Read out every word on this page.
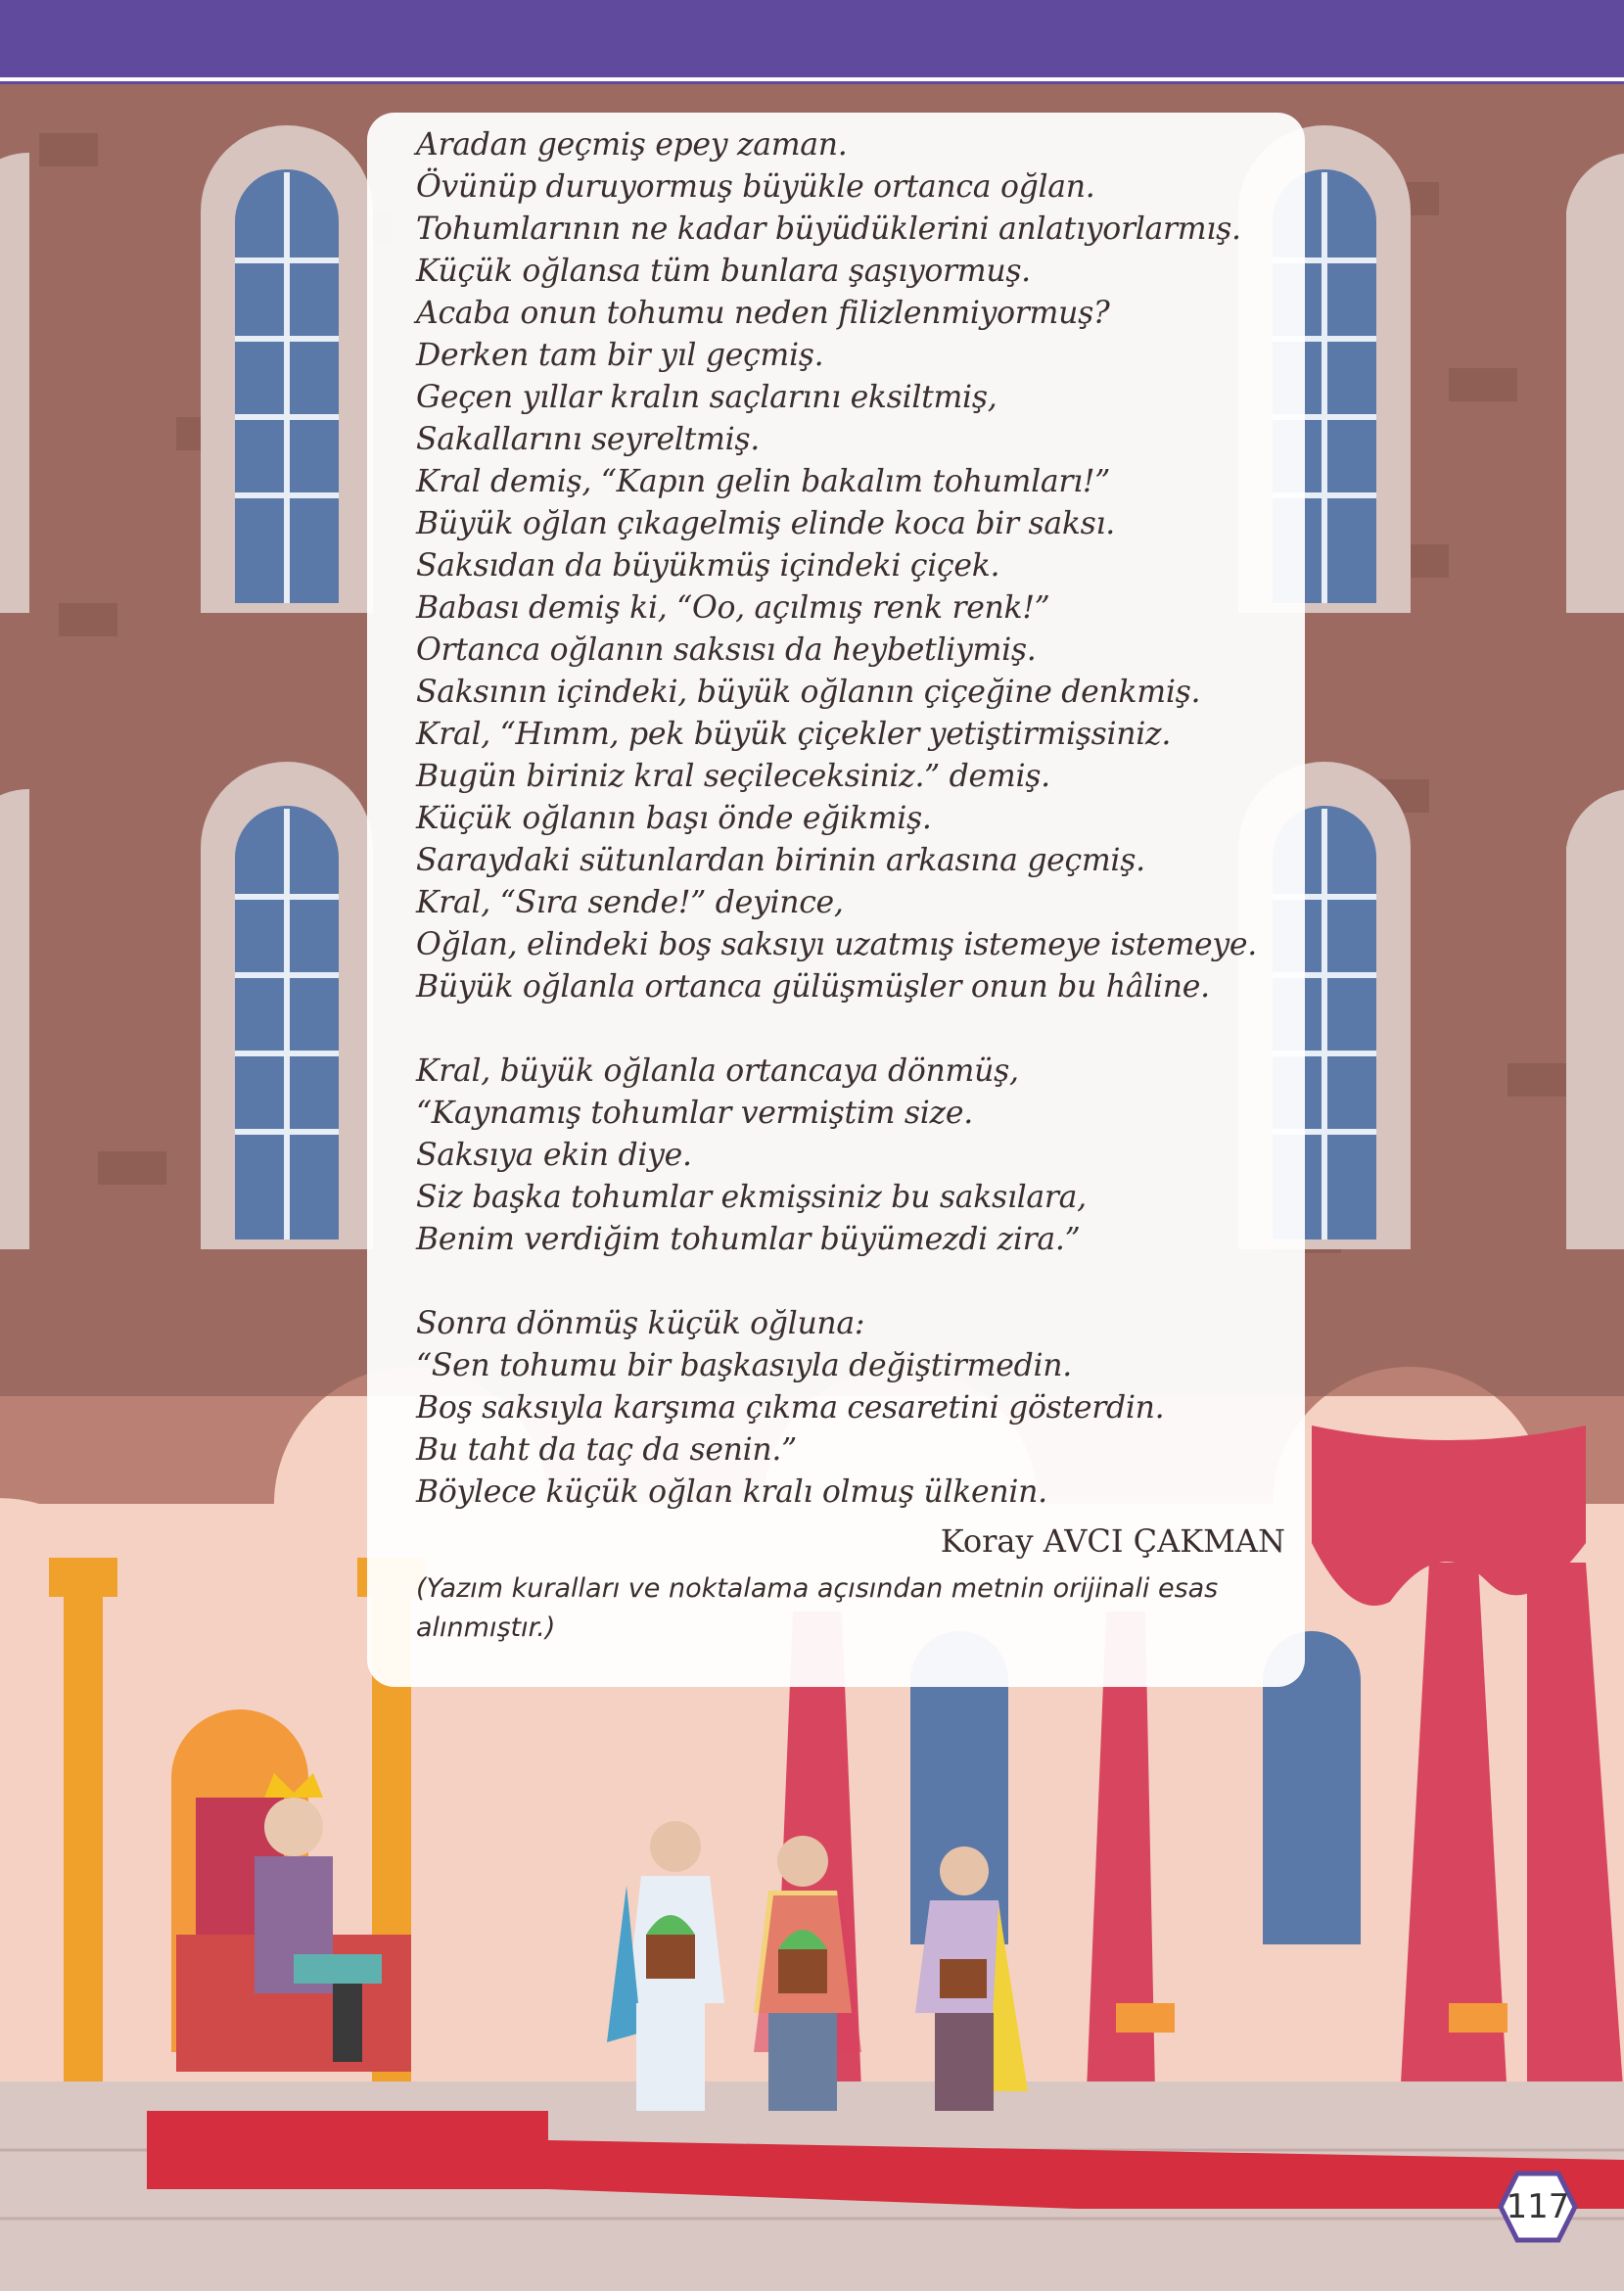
Aradan geçmiş epey zaman.
Övünüp duruyormuş büyükle ortanca oğlan.
Tohumlarının ne kadar büyüdüklerini anlatıyorlarmış.
Küçük oğlansa tüm bunlara şaşıyormuş.
Acaba onun tohumu neden filizlenmiyormuş?
Derken tam bir yıl geçmiş.
Geçen yıllar kralın saçlarını eksiltmiş,
Sakallarını seyreltmiş.
Kral demiş, “Kapın gelin bakalım tohumları!”
Büyük oğlan çıkagelmiş elinde koca bir saksı.
Saksıdan da büyükmüş içindeki çiçek.
Babası demiş ki, “Oo, açılmış renk renk!”
Ortanca oğlanın saksısı da heybetliymiş.
Saksının içindeki, büyük oğlanın çiçeğine denkmiş.
Kral, “Hımm, pek büyük çiçekler yetiştirmişsiniz.
Bugün biriniz kral seçileceksiniz.” demiş.
Küçük oğlanın başı önde eğikmiş.
Saraydaki sütunlardan birinin arkasına geçmiş.
Kral, “Sıra sende!” deyince,
Oğlan, elindeki boş saksıyı uzatmış istemeye istemeye.
Büyük oğlanla ortanca gülüşmüşler onun bu hâline.
Kral, büyük oğlanla ortancaya dönmüş,
“Kaynamış tohumlar vermiştim size.
Saksıya ekin diye.
Siz başka tohumlar ekmişsiniz bu saksılara,
Benim verdiğim tohumlar büyümezdi zira.”
Sonra dönmüş küçük oğluna:
“Sen tohumu bir başkasıyla değiştirmedin.
Boş saksıyla karşıma çıkma cesaretini gösterdin.
Bu taht da taç da senin.”
Böylece küçük oğlan kralı olmuş ülkenin.
Koray AVCI ÇAKMAN
(Yazım kuralları ve noktalama açısından metnin orijinali esas alınmıştır.)
117
